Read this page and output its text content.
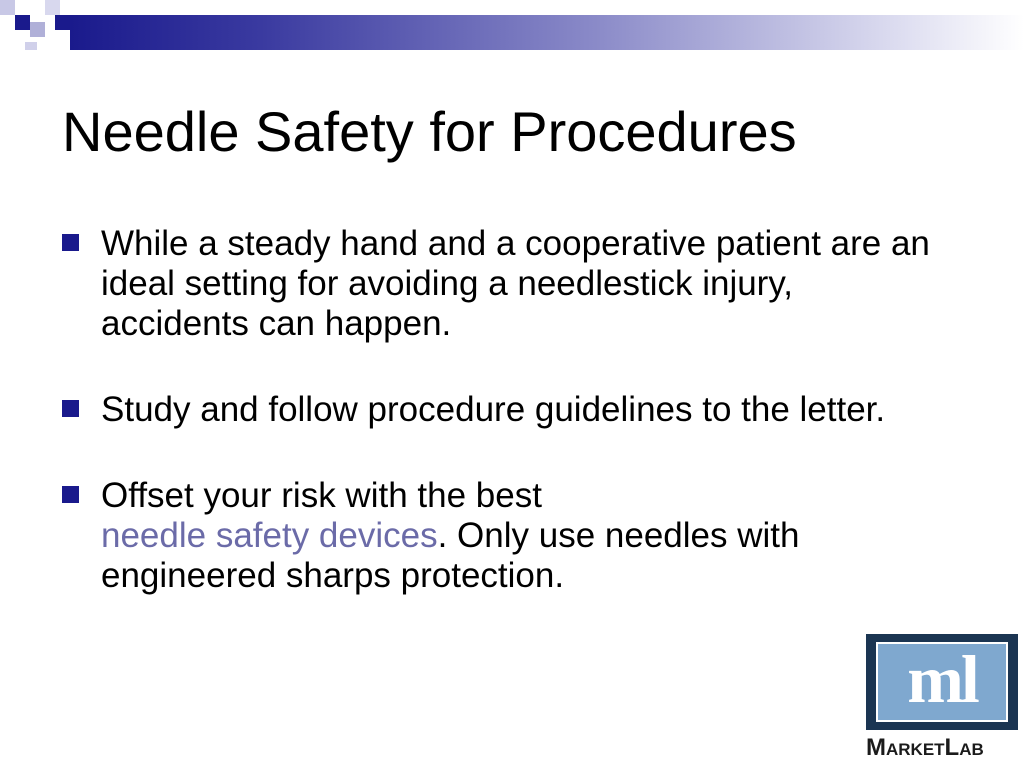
Needle Safety for Procedures
While a steady hand and a cooperative patient are an ideal setting for avoiding a needlestick injury, accidents can happen.
Study and follow procedure guidelines to the letter.
Offset your risk with the best
needle safety devices. Only use needles with engineered sharps protection.
ml
MarketLab
